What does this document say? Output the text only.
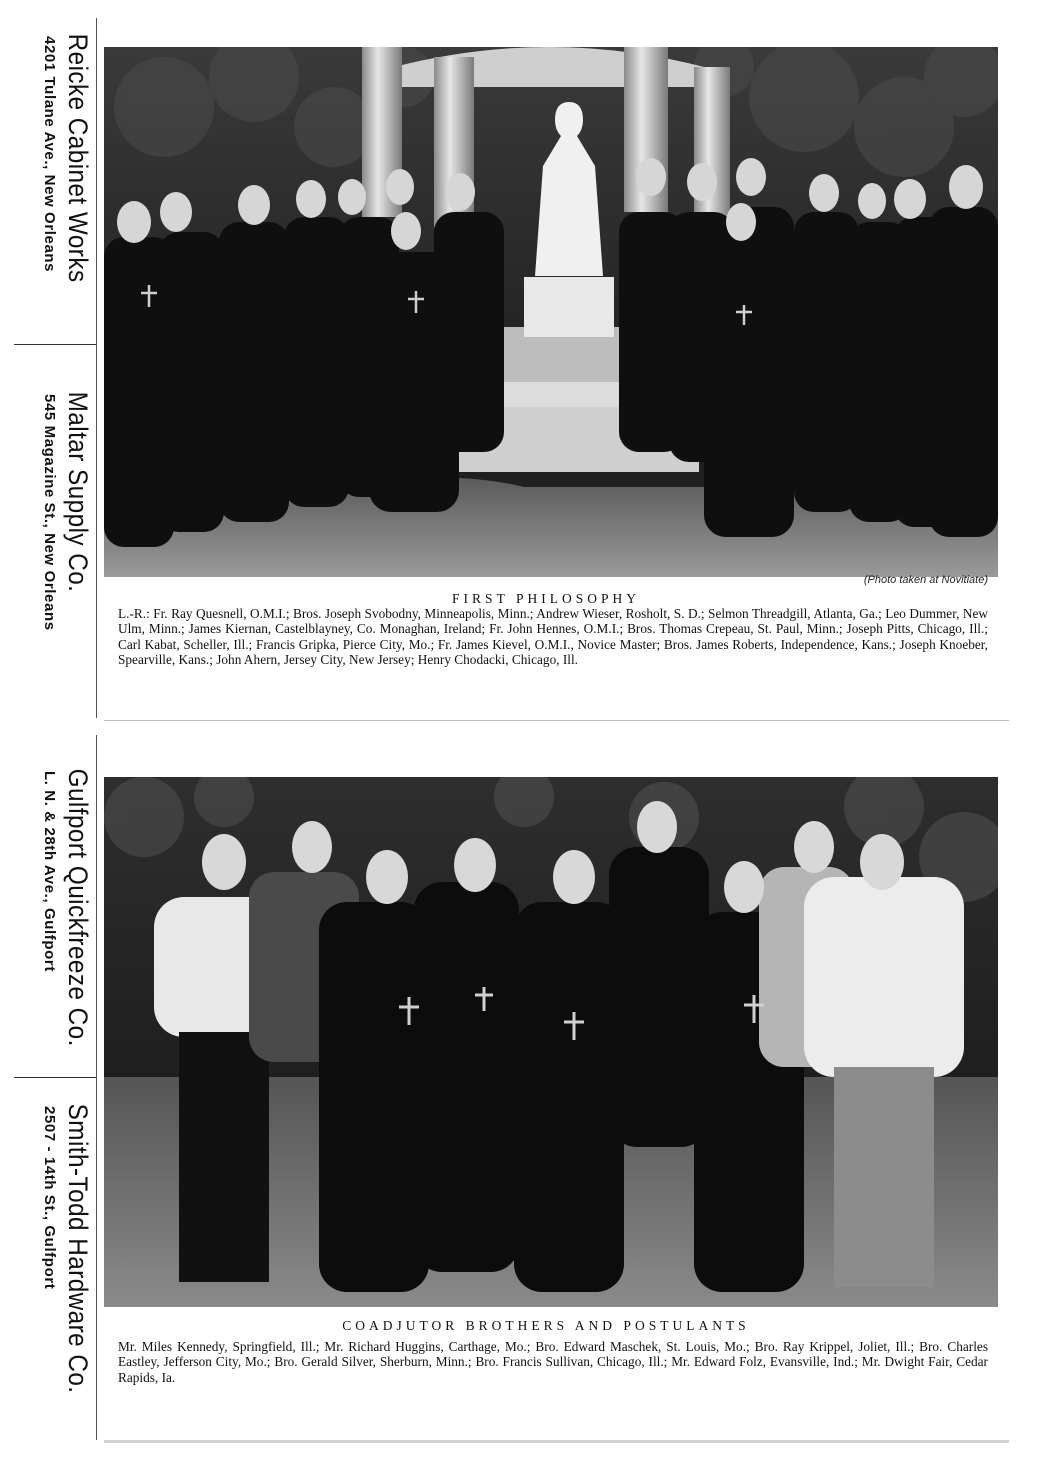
Reicke Cabinet Works
4201 Tulane Ave., New Orleans
Maltar Supply Co.
545 Magazine St., New Orleans
Gulfport Quickfreeze Co.
L. N. & 28th Ave., Gulfport
Smith-Todd Hardware Co.
2507 - 14th St., Gulfport
(Photo taken at Novitiate)
FIRST PHILOSOPHY
L.-R.: Fr. Ray Quesnell, O.M.I.; Bros. Joseph Svobodny, Minneapolis, Minn.; Andrew Wieser, Rosholt, S. D.; Selmon Threadgill, Atlanta, Ga.; Leo Dummer, New Ulm, Minn.; James Kiernan, Castelblayney, Co. Monaghan, Ireland; Fr. John Hennes, O.M.I.; Bros. Thomas Crepeau, St. Paul, Minn.; Joseph Pitts, Chicago, Ill.; Carl Kabat, Scheller, Ill.; Francis Gripka, Pierce City, Mo.; Fr. James Kievel, O.M.I., Novice Master; Bros. James Roberts, Independence, Kans.; Joseph Knoeber, Spearville, Kans.; John Ahern, Jersey City, New Jersey; Henry Chodacki, Chicago, Ill.
COADJUTOR BROTHERS AND POSTULANTS
Mr. Miles Kennedy, Springfield, Ill.; Mr. Richard Huggins, Carthage, Mo.; Bro. Edward Maschek, St. Louis, Mo.; Bro. Ray Krippel, Joliet, Ill.; Bro. Charles Eastley, Jefferson City, Mo.; Bro. Gerald Silver, Sherburn, Minn.; Bro. Francis Sullivan, Chicago, Ill.; Mr. Edward Folz, Evansville, Ind.; Mr. Dwight Fair, Cedar Rapids, Ia.
